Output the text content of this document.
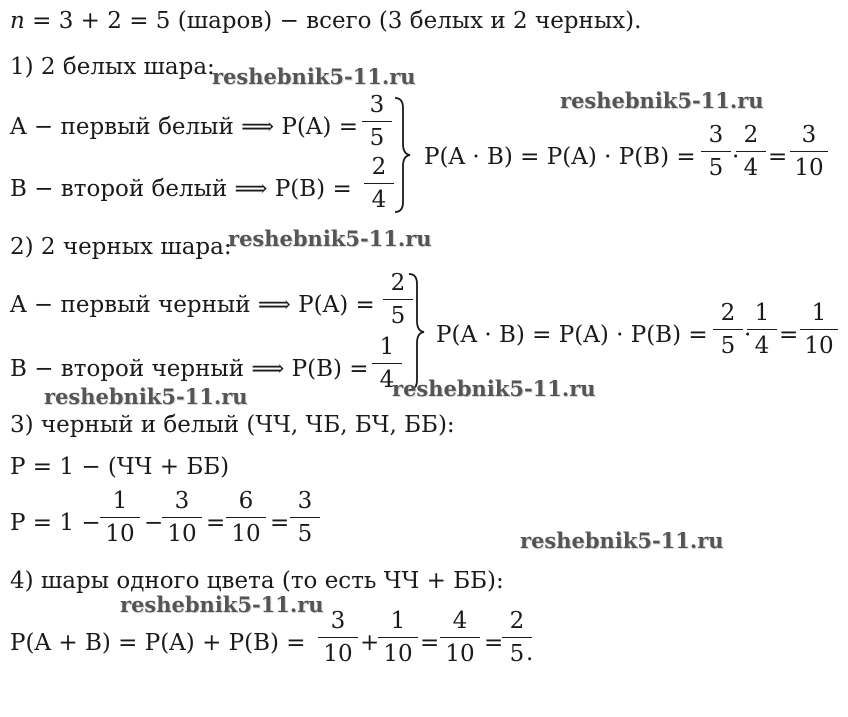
n = 3 + 2 = 5 (шаров) − всего (3 белых и 2 черных).
1) 2 белых шара:
reshebnik5-11.ru
reshebnik5-11.ru
A − первый белый ⟹ P(A) =
3
5
B − второй белый ⟹ P(B) =
2
4
P(A · B) = P(A) · P(B) =
3
5 ·
2
4 =
3
10
2) 2 черных шара:
reshebnik5-11.ru
A − первый черный ⟹ P(A) =
2
5
B − второй черный ⟹ P(B) =
1
4
P(A · B) = P(A) · P(B) =
2
5 ·
1
4 =
1
10
reshebnik5-11.ru	reshebnik5-11.ru
3) черный и белый (ЧЧ, ЧБ, БЧ, ББ):
P = 1 − (ЧЧ + ББ)
P = 1 −
1
10 −
3
10 =
6
10 =
3
5	reshebnik5-11.ru
4) шары одного цвета (то есть ЧЧ + ББ):
reshebnik5-11.ru
P(A + B) = P(A) + P(B) =
3
10 +
1
10 =
4
10 =
2
5 .
